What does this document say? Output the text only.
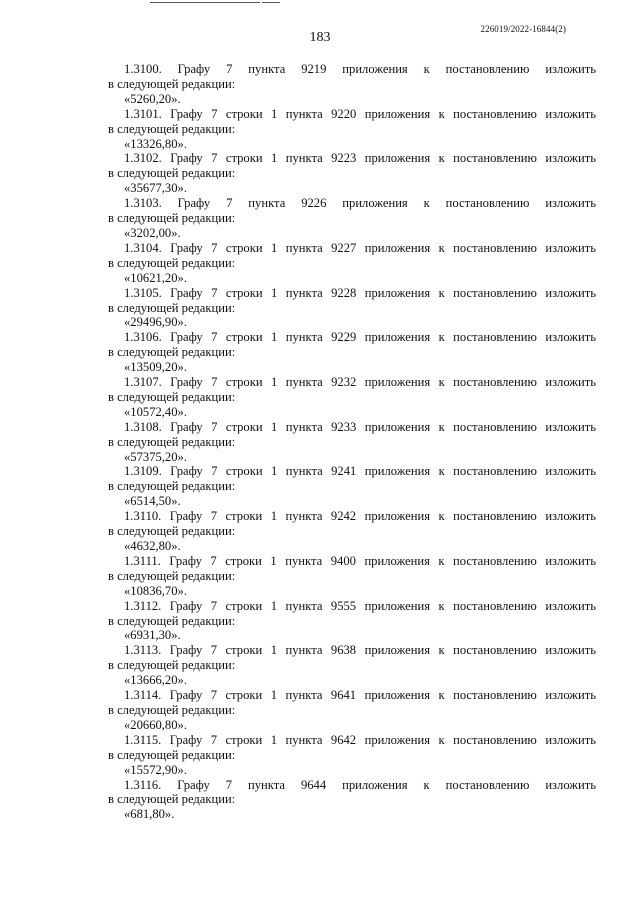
183
226019/2022-16844(2)
1.3100. Графу 7 пункта 9219 приложения к постановлению изложить
в следующей редакции:
«5260,20».
1.3101. Графу 7 строки 1 пункта 9220 приложения к постановлению изложить
в следующей редакции:
«13326,80».
1.3102. Графу 7 строки 1 пункта 9223 приложения к постановлению изложить
в следующей редакции:
«35677,30».
1.3103. Графу 7 пункта 9226 приложения к постановлению изложить
в следующей редакции:
«3202,00».
1.3104. Графу 7 строки 1 пункта 9227 приложения к постановлению изложить
в следующей редакции:
«10621,20».
1.3105. Графу 7 строки 1 пункта 9228 приложения к постановлению изложить
в следующей редакции:
«29496,90».
1.3106. Графу 7 строки 1 пункта 9229 приложения к постановлению изложить
в следующей редакции:
«13509,20».
1.3107. Графу 7 строки 1 пункта 9232 приложения к постановлению изложить
в следующей редакции:
«10572,40».
1.3108. Графу 7 строки 1 пункта 9233 приложения к постановлению изложить
в следующей редакции:
«57375,20».
1.3109. Графу 7 строки 1 пункта 9241 приложения к постановлению изложить
в следующей редакции:
«6514,50».
1.3110. Графу 7 строки 1 пункта 9242 приложения к постановлению изложить
в следующей редакции:
«4632,80».
1.3111. Графу 7 строки 1 пункта 9400 приложения к постановлению изложить
в следующей редакции:
«10836,70».
1.3112. Графу 7 строки 1 пункта 9555 приложения к постановлению изложить
в следующей редакции:
«6931,30».
1.3113. Графу 7 строки 1 пункта 9638 приложения к постановлению изложить
в следующей редакции:
«13666,20».
1.3114. Графу 7 строки 1 пункта 9641 приложения к постановлению изложить
в следующей редакции:
«20660,80».
1.3115. Графу 7 строки 1 пункта 9642 приложения к постановлению изложить
в следующей редакции:
«15572,90».
1.3116. Графу 7 пункта 9644 приложения к постановлению изложить
в следующей редакции:
«681,80».
